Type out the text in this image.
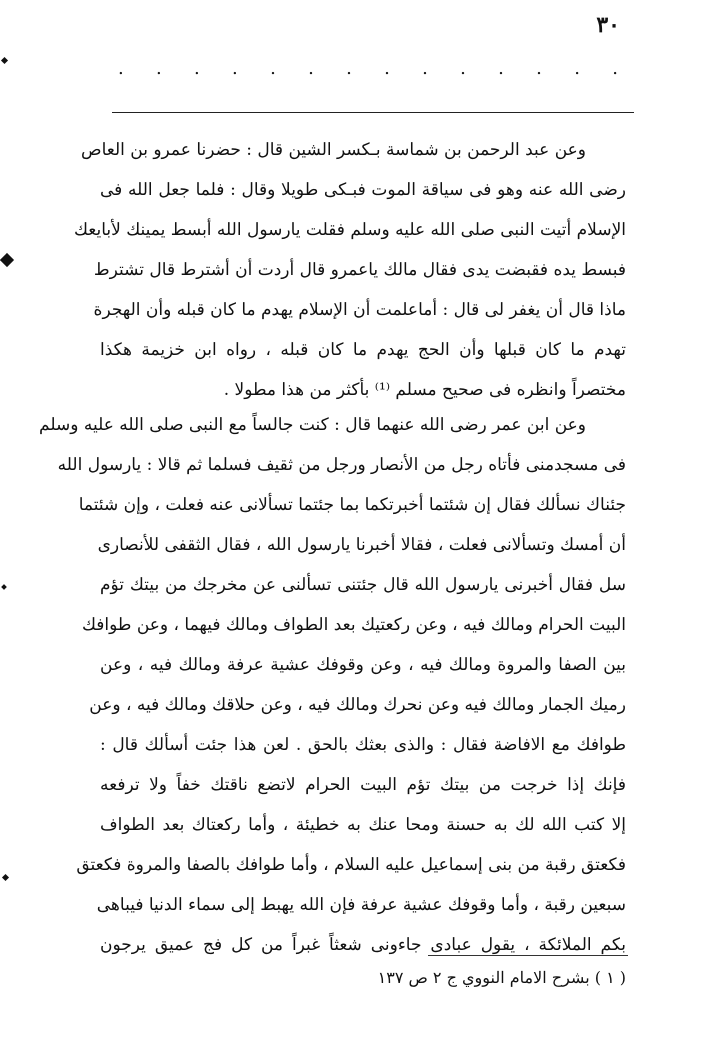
٣٠
. . . . . . . . . . . . . .
وعن عبد الرحمن بن شماسة بـكسر الشين قال : حضرنا عمرو بن العاص
رضى الله عنه وهو فى سياقة الموت فبـكى طويلا وقال : فلما جعل الله فى
الإسلام أتيت النبى صلى الله عليه وسلم فقلت يارسول الله أبسط يمينك لأبايعك
فبسط يده فقبضت يدى فقال مالك ياعمرو قال أردت أن أشترط قال تشترط
ماذا قال أن يغفر لى قال : أماعلمت أن الإسلام يهدم ما كان قبله وأن الهجرة
تهدم ما كان قبلها وأن الحج يهدم ما كان قبله ، رواه ابن خزيمة هكذا
مختصراً وانظره فى صحيح مسلم ⁽¹⁾ بأكثر من هذا مطولا .
وعن ابن عمر رضى الله عنهما قال : كنت جالساً مع النبى صلى الله عليه وسلم
فى مسجدمنى فأتاه رجل من الأنصار ورجل من ثقيف فسلما ثم قالا : يارسول الله
جئناك نسألك فقال إن شئتما أخبرتكما بما جئتما تسألانى عنه فعلت ، وإن شئتما
أن أمسك وتسألانى فعلت ، فقالا أخبرنا يارسول الله ، فقال الثقفى للأنصارى
سل فقال أخبرنى يارسول الله قال جئتنى تسألنى عن مخرجك من بيتك تؤم
البيت الحرام ومالك فيه ، وعن ركعتيك بعد الطواف ومالك فيهما ، وعن طوافك
بين الصفا والمروة ومالك فيه ، وعن وقوفك عشية عرفة ومالك فيه ، وعن
رميك الجمار ومالك فيه وعن نحرك ومالك فيه ، وعن حلاقك ومالك فيه ، وعن
طوافك مع الافاضة فقال : والذى بعثك بالحق . لعن هذا جئت أسألك قال :
فإنك إذا خرجت من بيتك تؤم البيت الحرام لاتضع ناقتك خفاً ولا ترفعه
إلا كتب الله لك به حسنة ومحا عنك به خطيئة ، وأما ركعتاك بعد الطواف
فكعتق رقبة من بنى إسماعيل عليه السلام ، وأما طوافك بالصفا والمروة فكعتق
سبعين رقبة ، وأما وقوفك عشية عرفة فإن الله يهبط إلى سماء الدنيا فيباهى
بكم الملائكة ، يقول عبادى جاءونى شعثاً غبراً من كل فج عميق يرجون
( ١ ) بشرح الامام النووي ج ٢ ص ١٣٧
